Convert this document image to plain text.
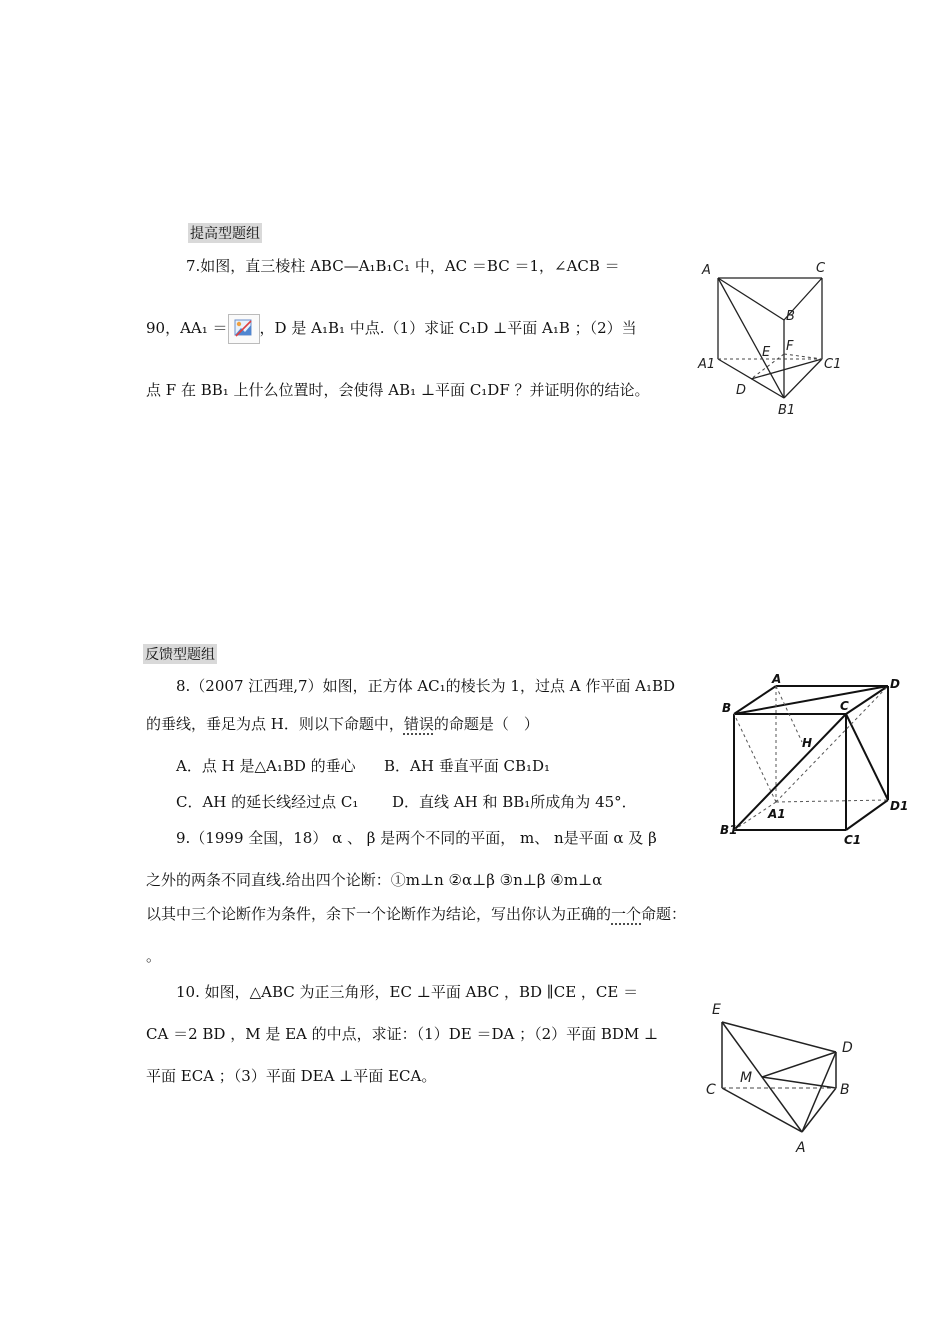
提高型题组
7.如图，直三棱柱 ABC—A₁B₁C₁ 中，AC ＝BC ＝1，∠ACB ＝
90，AA₁ ＝ ，D 是 A₁B₁ 中点.（1）求证 C₁D ⊥平面 A₁B ；（2）当
点 F 在 BB₁ 上什么位置时，会使得 AB₁ ⊥平面 C₁DF ？并证明你的结论。
A	C
B
E F
A1	C1
D
B1
反馈型题组
8.（2007 江西理,7）如图，正方体 AC₁的棱长为 1，过点 A 作平面 A₁BD
的垂线，垂足为点 H．则以下命题中，错误的命题是（　）
A．点 H 是△A₁BD 的垂心 B．AH 垂直平面 CB₁D₁
C．AH 的延长线经过点 C₁ D．直线 AH 和 BB₁所成角为 45°．
A	D
B	C
H
A1
D1
B1
C1
9.（1999 全国，18） α 、 β 是两个不同的平面， m、 n是平面 α 及 β
之外的两条不同直线.给出四个论断：①m⊥n ②α⊥β ③n⊥β ④m⊥α
以其中三个论断作为条件，余下一个论断作为结论，写出你认为正确的一个命题：
。
10. 如图，△ABC 为正三角形，EC ⊥平面 ABC ，BD ∥CE ，CE ＝
CA ＝2 BD ，M 是 EA 的中点，求证：（1）DE ＝DA ；（2）平面 BDM ⊥
平面 ECA ；（3）平面 DEA ⊥平面 ECA。
E
D
C
M
B
A
